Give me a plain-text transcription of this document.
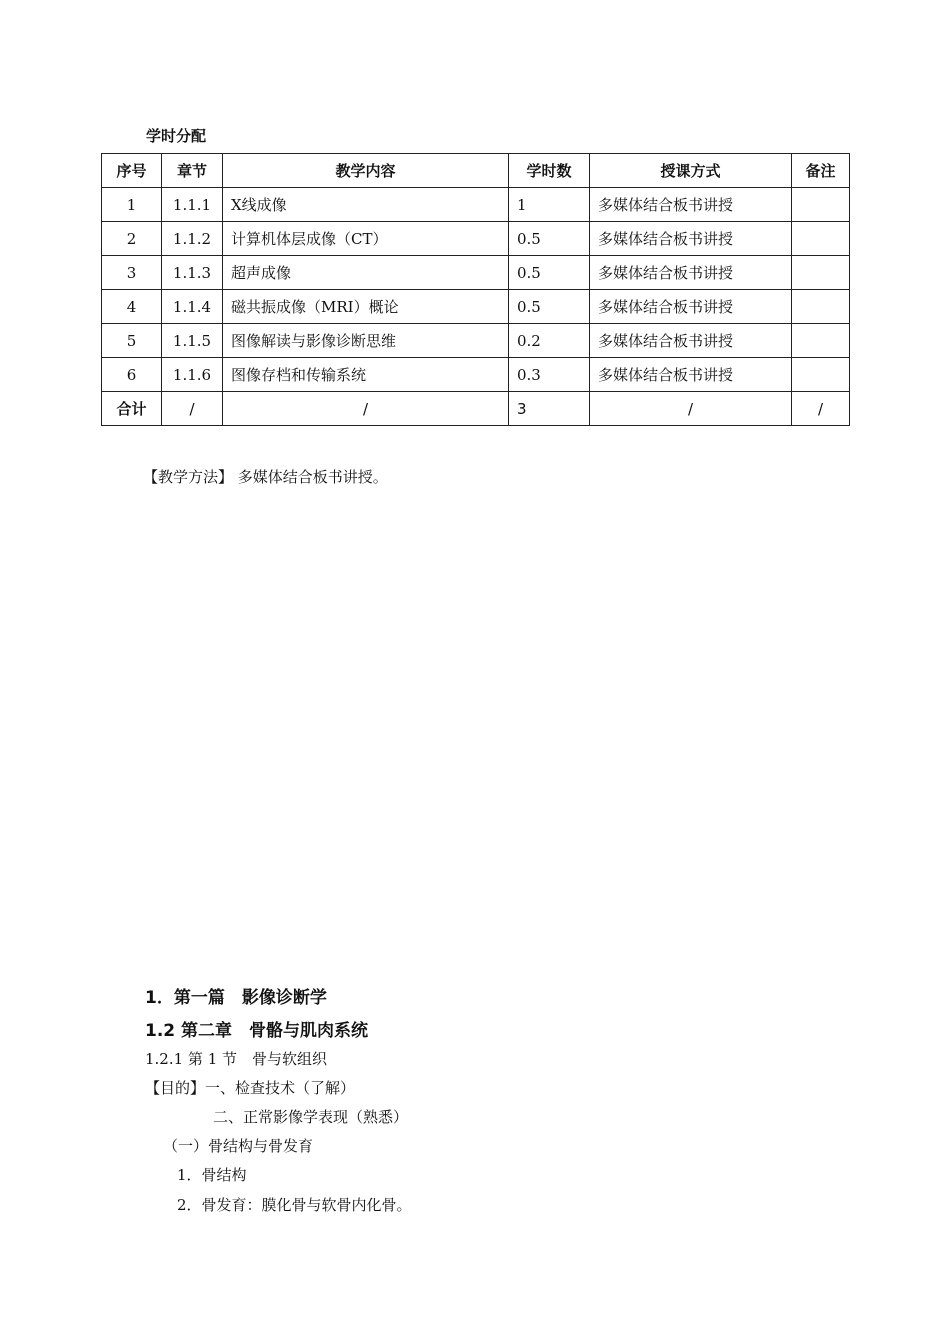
学时分配
序号	章节	教学内容	学时数	授课方式	备注
1	1.1.1	X线成像	1	多媒体结合板书讲授	
2	1.1.2	计算机体层成像（CT）	0.5	多媒体结合板书讲授	
3	1.1.3	超声成像	0.5	多媒体结合板书讲授	
4	1.1.4	磁共振成像（MRI）概论	0.5	多媒体结合板书讲授	
5	1.1.5	图像解读与影像诊断思维	0.2	多媒体结合板书讲授	
6	1.1.6	图像存档和传输系统	0.3	多媒体结合板书讲授	
合计	/	/	3	/	/
【教学方法】 多媒体结合板书讲授。
1．第一篇　影像诊断学
1.2 第二章　骨骼与肌肉系统
1.2.1 第 1 节　骨与软组织
【目的】一、检查技术（了解）
二、正常影像学表现（熟悉）
（一）骨结构与骨发育
1．骨结构
2．骨发育：膜化骨与软骨内化骨。
